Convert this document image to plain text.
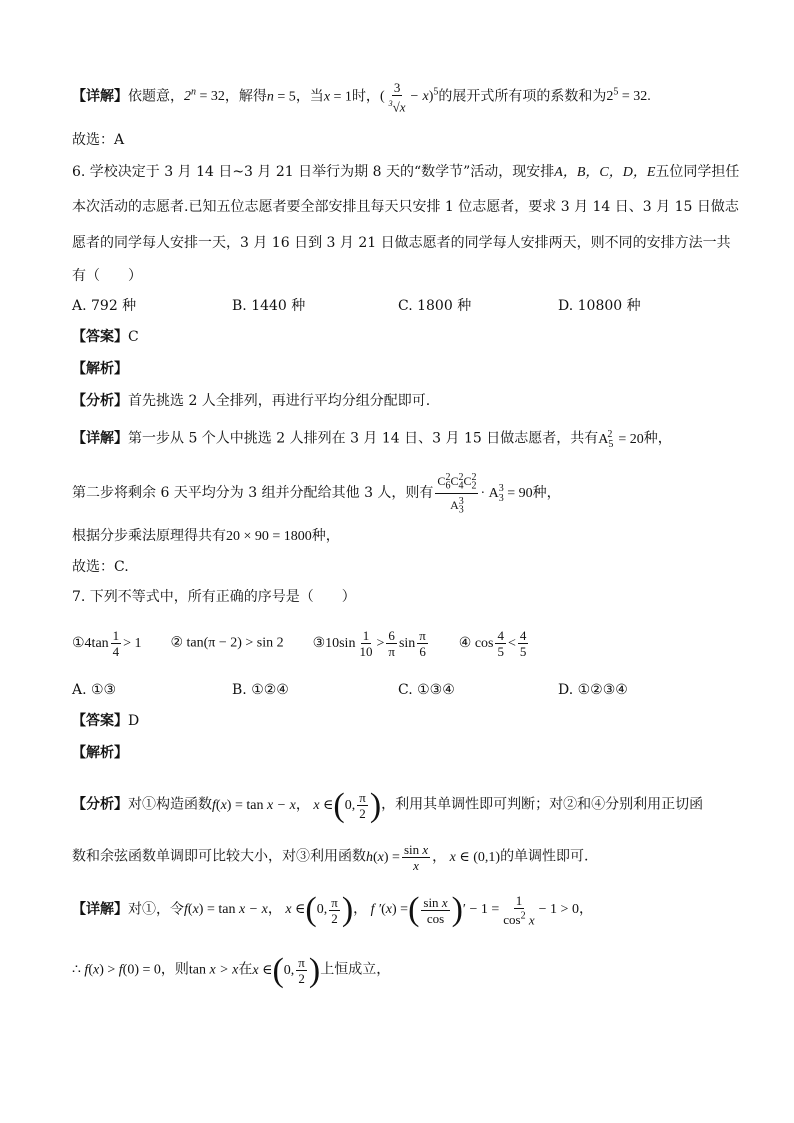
【详解】依题意，$2^n = 32$，解得n = 5，当x = 1时，( $\frac{3}{^3√x} - x)^5$的展开式所有项的系数和为$2^5 = 32$.
故选：A
6. 学校决定于 3 月 14 日~3 月 21 日举行为期 8 天的“数学节”活动，现安排A，B，C，D，E五位同学担任
本次活动的志愿者.已知五位志愿者要全部安排且每天只安排 1 位志愿者，要求 3 月 14 日、3 月 15 日做志
愿者的同学每人安排一天，3 月 16 日到 3 月 21 日做志愿者的同学每人安排两天，则不同的安排方法一共
有（　　）
A. 792 种	B. 1440 种	C. 1800 种	D. 10800 种
【答案】C
【解析】
【分析】首先挑选 2 人全排列，再进行平均分组分配即可.
【详解】第一步从 5 个人中挑选 2 人排列在 3 月 14 日、3 月 15 日做志愿者，共有$A_5^2 = 20$种，
第二步将剩余 6 天平均分为 3 组并分配给其他 3 人，则有 $\frac{C_6^2C_4^2C_2^2}{A_3^3} \cdot A_3^3 = 90$种，
根据分步乘法原理得共有20 × 90 = 1800种，
故选：C.
7. 下列不等式中，所有正确的序号是（　　）
①4tan $\frac{1}{4} > 1$ ② tan(π − 2) > sin 2 ③10sin $\frac{1}{10} > \frac{6}{\pi}$ $\sin \frac{\pi}{6}$ ④ $\cos \frac{4}{5} < \frac{4}{5}$
A. ①③	B. ①②④	C. ①③④	D. ①②③④
【答案】D
【解析】
【分析】对①构造函数f(x) = tan x − x， x ∈(0, $\frac{\pi}{2}$ )，利用其单调性即可判断；对②和④分别利用正切函
数和余弦函数单调即可比较大小，对③利用函数$h(x) = \frac{\text{sin x}}{x}$ ， x ∈ (0,1)的单调性即可.
【详解】对①，令f(x) = tan x − x， x ∈(0, $\frac{\pi}{2}$ )， f ′(x) =( $\frac{\text{sin x}}{\cos}$ )′ − $1 = \frac{1}{\cos^2 x} - 1 > 0$，
∴ f(x) > f(0) = 0，则tan x > x在x ∈(0, $\frac{\pi}{2}$ )上恒成立，
